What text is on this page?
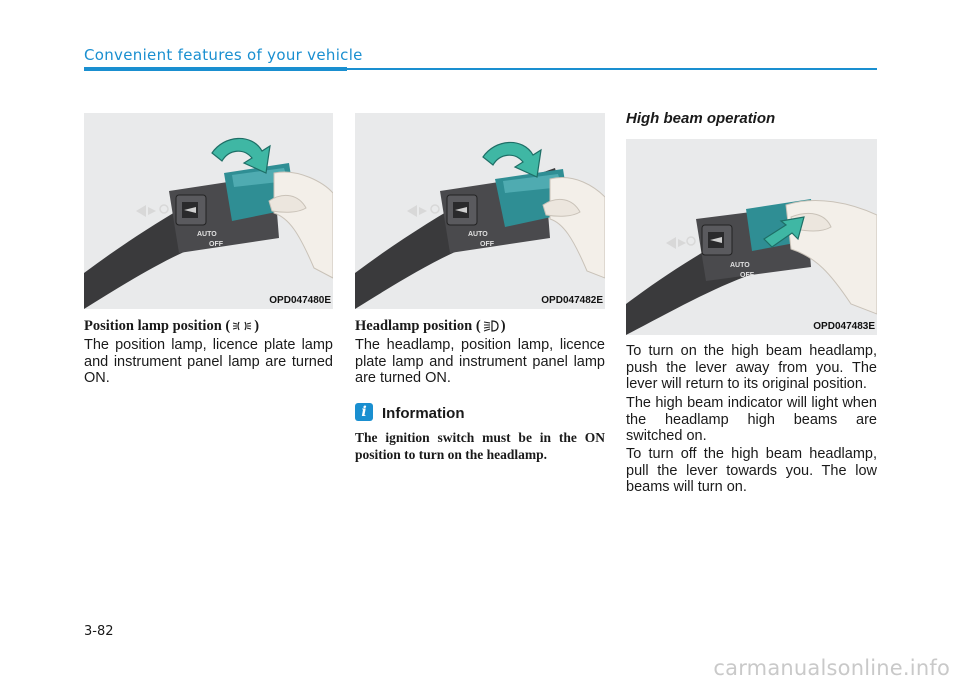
Convenient features of your vehicle
AUTO
OFF
OPD047480E
AUTO
OFF
OPD047482E
AUTO
OFF
OPD047483E
Position lamp position ( )

The position lamp, licence plate lamp and instrument panel lamp are turned ON.

Headlamp position ( )

The headlamp, position lamp, licence plate lamp and instrument panel lamp are turned ON.

i	Information

The ignition switch must be in the ON position to turn on the headlamp.

High beam operation

To turn on the high beam headlamp, push the lever away from you. The lever will return to its original position.

The high beam indicator will light when the headlamp high beams are switched on.

To turn off the high beam headlamp, pull the lever towards you. The low beams will turn on.

3-82
carmanualsonline.info
